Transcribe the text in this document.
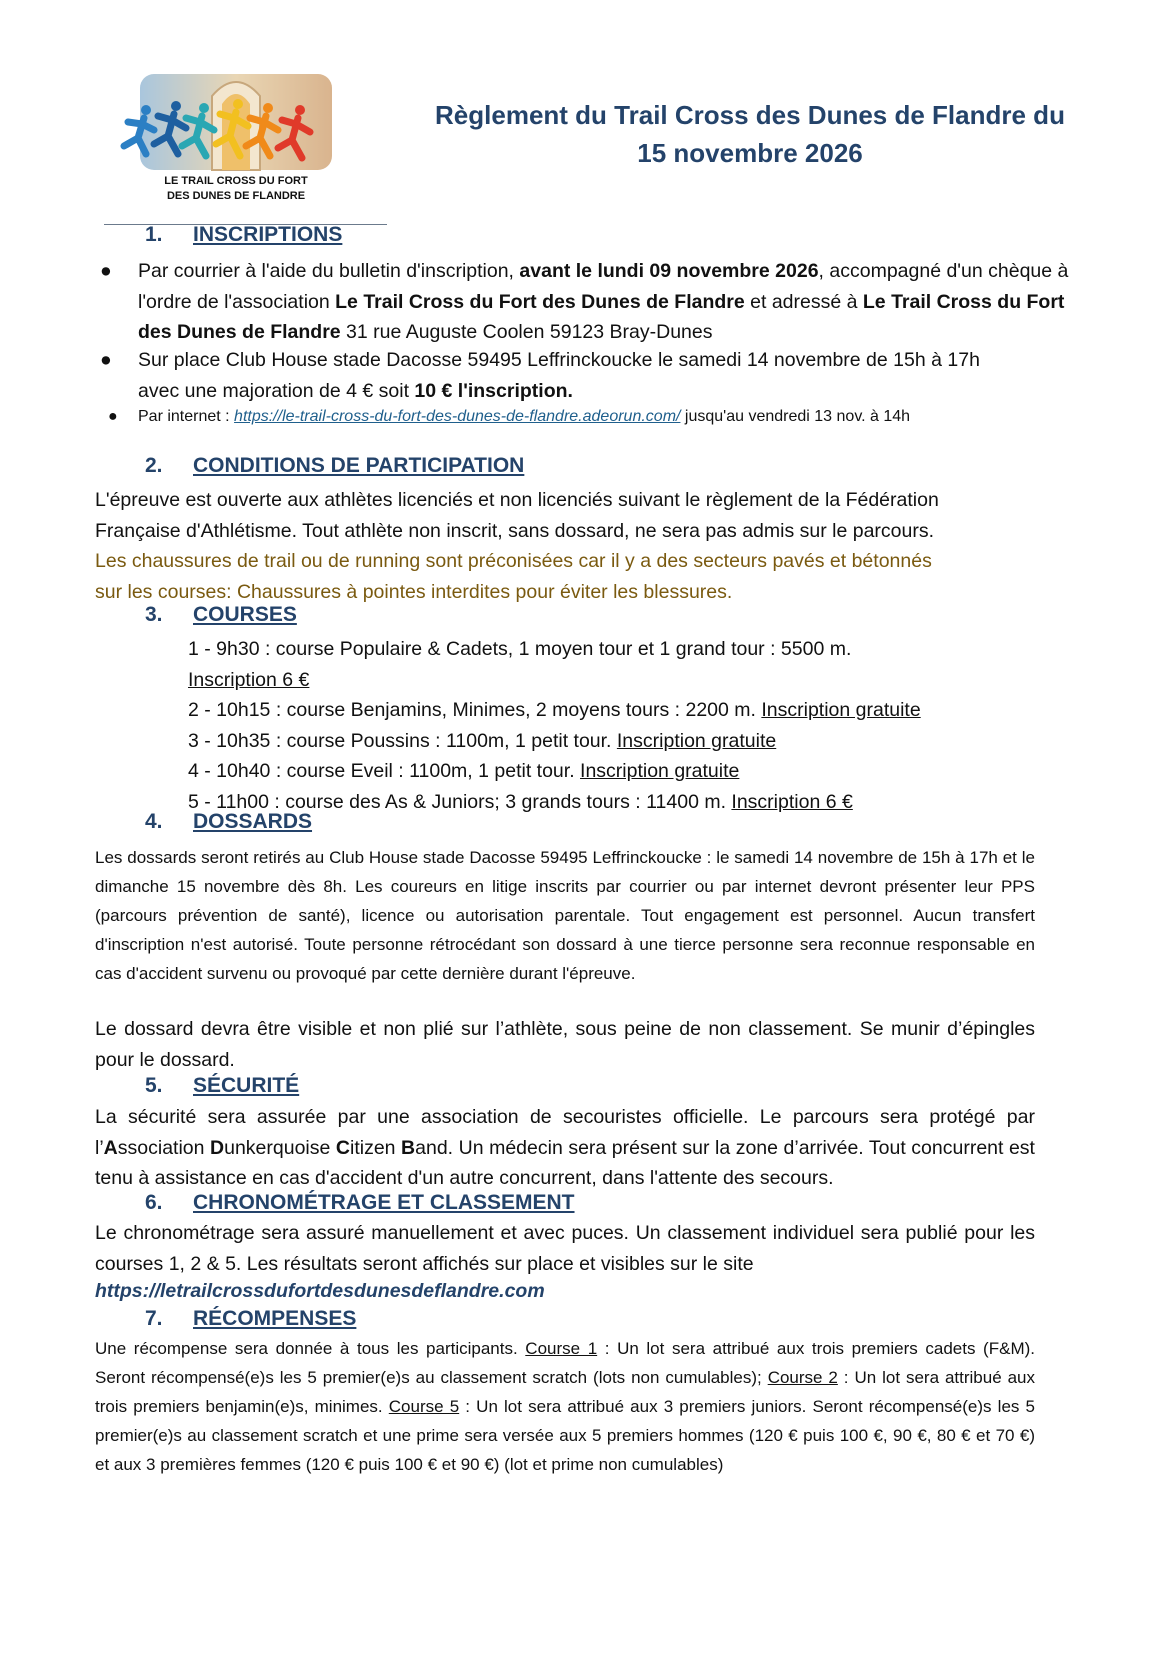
LE TRAIL CROSS DU FORT
DES DUNES DE FLANDRE
Règlement du Trail Cross des Dunes de Flandre du
15 novembre 2026
1. INSCRIPTIONS
● Par courrier à l'aide du bulletin d'inscription, avant le lundi 09 novembre 2026, accompagné d'un chèque à l'ordre de l'association Le Trail Cross du Fort des Dunes de Flandre et adressé à Le Trail Cross du Fort des Dunes de Flandre 31 rue Auguste Coolen 59123 Bray-Dunes
● Sur place Club House stade Dacosse 59495 Leffrinckoucke le samedi 14 novembre de 15h à 17h
avec une majoration de 4 € soit 10 € l'inscription.
● Par internet : https://le-trail-cross-du-fort-des-dunes-de-flandre.adeorun.com/ jusqu'au vendredi 13 nov. à 14h
2. CONDITIONS DE PARTICIPATION
L'épreuve est ouverte aux athlètes licenciés et non licenciés suivant le règlement de la Fédération
Française d'Athlétisme. Tout athlète non inscrit, sans dossard, ne sera pas admis sur le parcours.
Les chaussures de trail ou de running sont préconisées car il y a des secteurs pavés et bétonnés
sur les courses: Chaussures à pointes interdites pour éviter les blessures.
3. COURSES
1 - 9h30 : course Populaire & Cadets, 1 moyen tour et 1 grand tour : 5500 m.
Inscription 6 €
2 - 10h15 : course Benjamins, Minimes, 2 moyens tours : 2200 m. Inscription gratuite
3 - 10h35 : course Poussins : 1100m, 1 petit tour. Inscription gratuite
4 - 10h40 : course Eveil : 1100m, 1 petit tour. Inscription gratuite
5 - 11h00 : course des As & Juniors; 3 grands tours : 11400 m. Inscription 6 €
4. DOSSARDS
Les dossards seront retirés au Club House stade Dacosse 59495 Leffrinckoucke : le samedi 14 novembre de 15h à 17h et le dimanche 15 novembre dès 8h. Les coureurs en litige inscrits par courrier ou par internet devront présenter leur PPS (parcours prévention de santé), licence ou autorisation parentale. Tout engagement est personnel. Aucun transfert d'inscription n'est autorisé. Toute personne rétrocédant son dossard à une tierce personne sera reconnue responsable en cas d'accident survenu ou provoqué par cette dernière durant l'épreuve.
Le dossard devra être visible et non plié sur l’athlète, sous peine de non classement. Se munir d’épingles pour le dossard.
5. SÉCURITÉ
La sécurité sera assurée par une association de secouristes officielle. Le parcours sera protégé par l’Association Dunkerquoise Citizen Band. Un médecin sera présent sur la zone d’arrivée. Tout concurrent est tenu à assistance en cas d'accident d'un autre concurrent, dans l'attente des secours.
6. CHRONOMÉTRAGE ET CLASSEMENT
Le chronométrage sera assuré manuellement et avec puces. Un classement individuel sera publié pour les courses 1, 2 & 5. Les résultats seront affichés sur place et visibles sur le site
https://letrailcrossdufortdesdunesdeflandre.com
7. RÉCOMPENSES
Une récompense sera donnée à tous les participants. Course 1 : Un lot sera attribué aux trois premiers cadets (F&M). Seront récompensé(e)s les 5 premier(e)s au classement scratch (lots non cumulables); Course 2 : Un lot sera attribué aux trois premiers benjamin(e)s, minimes. Course 5 : Un lot sera attribué aux 3 premiers juniors. Seront récompensé(e)s les 5 premier(e)s au classement scratch et une prime sera versée aux 5 premiers hommes (120 € puis 100 €, 90 €, 80 € et 70 €) et aux 3 premières femmes (120 € puis 100 € et 90 €) (lot et prime non cumulables)
